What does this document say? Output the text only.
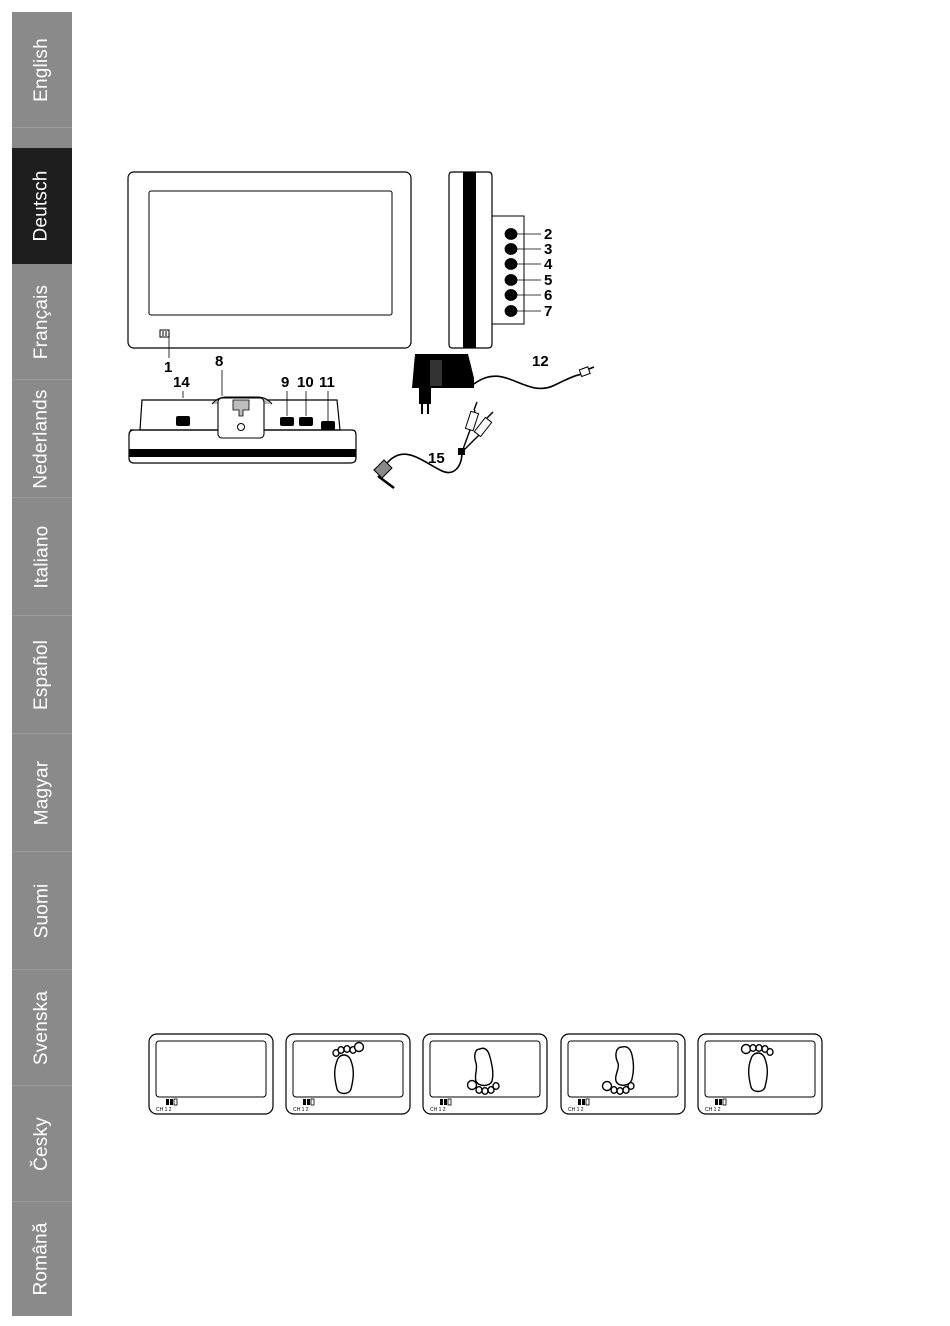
English
Deutsch
Français
Nederlands
Italiano
Español
Magyar
Suomi
Svenska
Česky
Română
1
2
3
4
5
6
7
8
14	9 10 11
12
15
CH 1 2	CH 1 2	CH 1 2	CH 1 2	CH 1 2
